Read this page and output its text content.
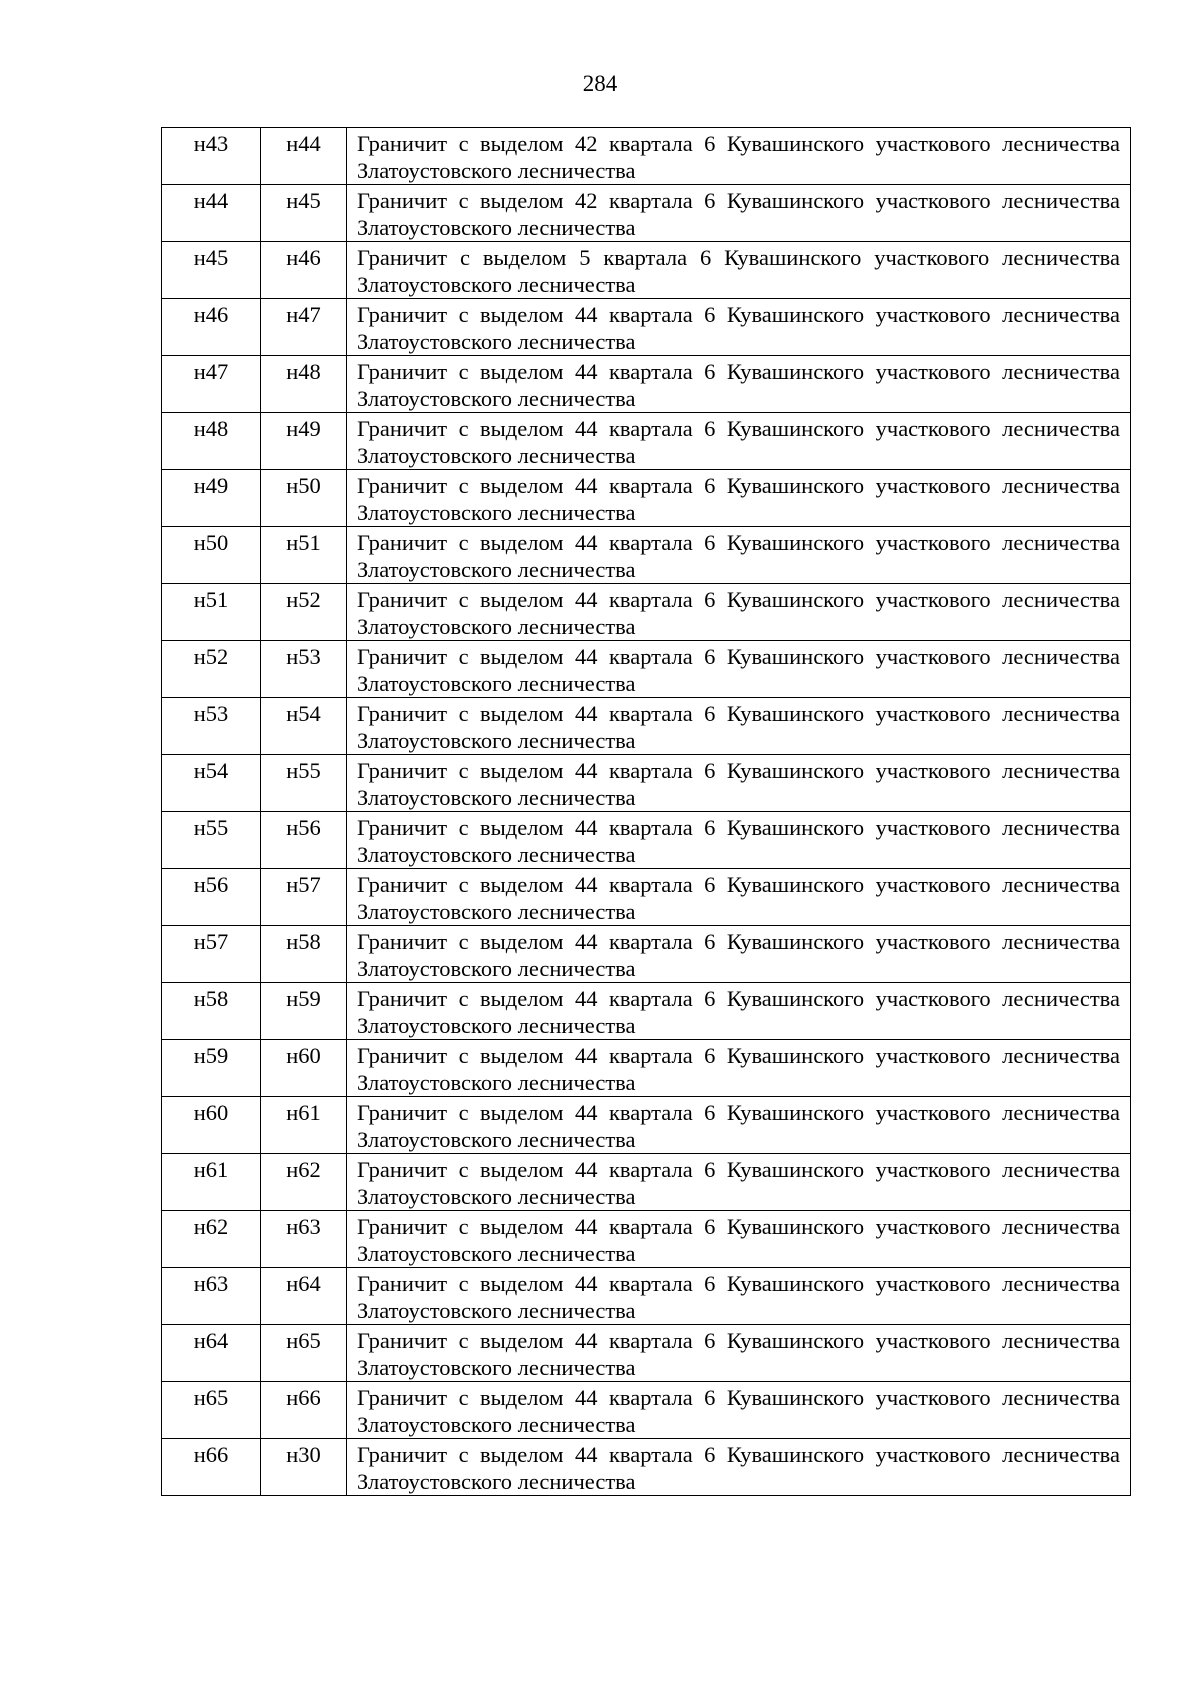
284
н43	н44	Граничит с выделом 42 квартала 6 Кувашинского участкового лесничества Златоустовского лесничества
н44	н45	Граничит с выделом 42 квартала 6 Кувашинского участкового лесничества Златоустовского лесничества
н45	н46	Граничит с выделом 5 квартала 6 Кувашинского участкового лесничества Златоустовского лесничества
н46	н47	Граничит с выделом 44 квартала 6 Кувашинского участкового лесничества Златоустовского лесничества
н47	н48	Граничит с выделом 44 квартала 6 Кувашинского участкового лесничества Златоустовского лесничества
н48	н49	Граничит с выделом 44 квартала 6 Кувашинского участкового лесничества Златоустовского лесничества
н49	н50	Граничит с выделом 44 квартала 6 Кувашинского участкового лесничества Златоустовского лесничества
н50	н51	Граничит с выделом 44 квартала 6 Кувашинского участкового лесничества Златоустовского лесничества
н51	н52	Граничит с выделом 44 квартала 6 Кувашинского участкового лесничества Златоустовского лесничества
н52	н53	Граничит с выделом 44 квартала 6 Кувашинского участкового лесничества Златоустовского лесничества
н53	н54	Граничит с выделом 44 квартала 6 Кувашинского участкового лесничества Златоустовского лесничества
н54	н55	Граничит с выделом 44 квартала 6 Кувашинского участкового лесничества Златоустовского лесничества
н55	н56	Граничит с выделом 44 квартала 6 Кувашинского участкового лесничества Златоустовского лесничества
н56	н57	Граничит с выделом 44 квартала 6 Кувашинского участкового лесничества Златоустовского лесничества
н57	н58	Граничит с выделом 44 квартала 6 Кувашинского участкового лесничества Златоустовского лесничества
н58	н59	Граничит с выделом 44 квартала 6 Кувашинского участкового лесничества Златоустовского лесничества
н59	н60	Граничит с выделом 44 квартала 6 Кувашинского участкового лесничества Златоустовского лесничества
н60	н61	Граничит с выделом 44 квартала 6 Кувашинского участкового лесничества Златоустовского лесничества
н61	н62	Граничит с выделом 44 квартала 6 Кувашинского участкового лесничества Златоустовского лесничества
н62	н63	Граничит с выделом 44 квартала 6 Кувашинского участкового лесничества Златоустовского лесничества
н63	н64	Граничит с выделом 44 квартала 6 Кувашинского участкового лесничества Златоустовского лесничества
н64	н65	Граничит с выделом 44 квартала 6 Кувашинского участкового лесничества Златоустовского лесничества
н65	н66	Граничит с выделом 44 квартала 6 Кувашинского участкового лесничества Златоустовского лесничества
н66	н30	Граничит с выделом 44 квартала 6 Кувашинского участкового лесничества Златоустовского лесничества
